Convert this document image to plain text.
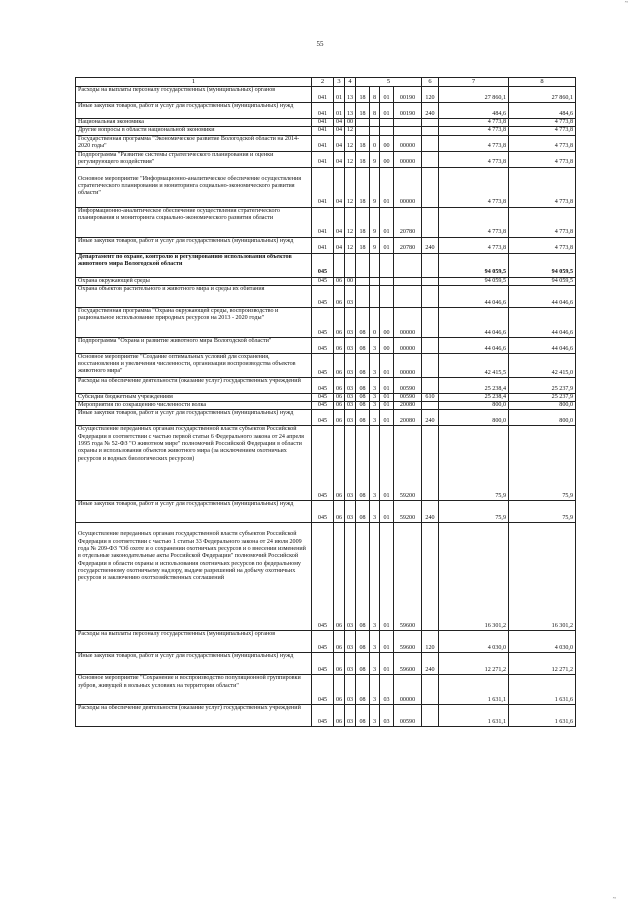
~
55
1	2	3	4	5				6	7	8
Расходы на выплаты персоналу государственных (муниципальных) органов	041	01	13	18	8	01	00190	120	27 860,1	27 860,1
Иные закупки товаров, работ и услуг для государственных (муниципальных) нужд	041	01	13	18	8	01	00190	240	484,6	484,6
Национальная экономика	041	04	00						4 773,8	4 773,8
Другие вопросы в области национальной экономики	041	04	12						4 773,8	4 773,8
Государственная программа "Экономическое развитие Вологодской области на 2014-2020 годы"	041	04	12	18	0	00	00000		4 773,8	4 773,8
Подпрограмма "Развитие системы стратегического планирования и оценки регулирующего воздействия"	041	04	12	18	9	00	00000		4 773,8	4 773,8
Основное мероприятие "Информационно-аналитическое обеспечение осуществления стратегического планирования и мониторинга социально-экономического развития области"	041	04	12	18	9	01	00000		4 773,8	4 773,8
Информационно-аналитическое обеспечение осуществления стратегического планирования и мониторинга социально-экономического развития области	041	04	12	18	9	01	20780		4 773,8	4 773,8
Иные закупки товаров, работ и услуг для государственных (муниципальных) нужд	041	04	12	18	9	01	20780	240	4 773,8	4 773,8
Департамент по охране, контролю и регулированию использования объектов животного мира Вологодской области	045								94 059,5	94 059,5
Охрана окружающей среды	045	06	00						94 059,5	94 059,5
Охрана объектов растительного и животного мира и среды их обитания	045	06	03						44 046,6	44 046,6
Государственная программа "Охрана окружающей среды, воспроизводство и рациональное использование природных ресурсов на 2013 - 2020 годы"	045	06	03	08	0	00	00000		44 046,6	44 046,6
Подпрограмма "Охрана и развитие животного мира Вологодской области"	045	06	03	08	3	00	00000		44 046,6	44 046,6
Основное мероприятие "Создание оптимальных условий для сохранения, восстановления и увеличения численности, организации воспроизводства объектов животного мира"	045	06	03	08	3	01	00000		42 415,5	42 415,0
Расходы на обеспечение деятельности (оказание услуг) государственных учреждений	045	06	03	08	3	01	00590		25 238,4	25 237,9
Субсидии бюджетным учреждениям	045	06	03	08	3	01	00590	610	25 238,4	25 237,9
Мероприятия по сокращению численности волка	045	06	03	08	3	01	20080		800,0	800,0
Иные закупки товаров, работ и услуг для государственных (муниципальных) нужд	045	06	03	08	3	01	20080	240	800,0	800,0
Осуществление переданных органам государственной власти субъектов Российской Федерации в соответствии с частью первой статьи 6 Федерального закона от 24 апреля 1995 года № 52-ФЗ "О животном мире" полномочий Российской Федерации в области охраны и использования объектов животного мира (за исключением охотничьих ресурсов и водных биологических ресурсов)	045	06	03	08	3	01	59200		75,9	75,9
Иные закупки товаров, работ и услуг для государственных (муниципальных) нужд	045	06	03	08	3	01	59200	240	75,9	75,9
Осуществление переданных органам государственной власти субъектов Российской Федерации в соответствии с частью 1 статьи 33 Федерального закона от 24 июля 2009 года № 209-ФЗ "Об охоте и о сохранении охотничьих ресурсов и о внесении изменений в отдельные законодательные акты Российской Федерации" полномочий Российской Федерации в области охраны и использования охотничьих ресурсов по федеральному государственному охотничьему надзору, выдаче разрешений на добычу охотничьих ресурсов и заключению охотхозяйственных соглашений	045	06	03	08	3	01	59600		16 301,2	16 301,2
Расходы на выплаты персоналу государственных (муниципальных) органов	045	06	03	08	3	01	59600	120	4 030,0	4 030,0
Иные закупки товаров, работ и услуг для государственных (муниципальных) нужд	045	06	03	08	3	01	59600	240	12 271,2	12 271,2
Основное мероприятие "Сохранение и воспроизводство популяционной группировки зубров, живущей в вольных условиях на территории области"	045	06	03	08	3	03	00000		1 631,1	1 631,6
Расходы на обеспечение деятельности (оказание услуг) государственных учреждений	045	06	03	08	3	03	00590		1 631,1	1 631,6
~
